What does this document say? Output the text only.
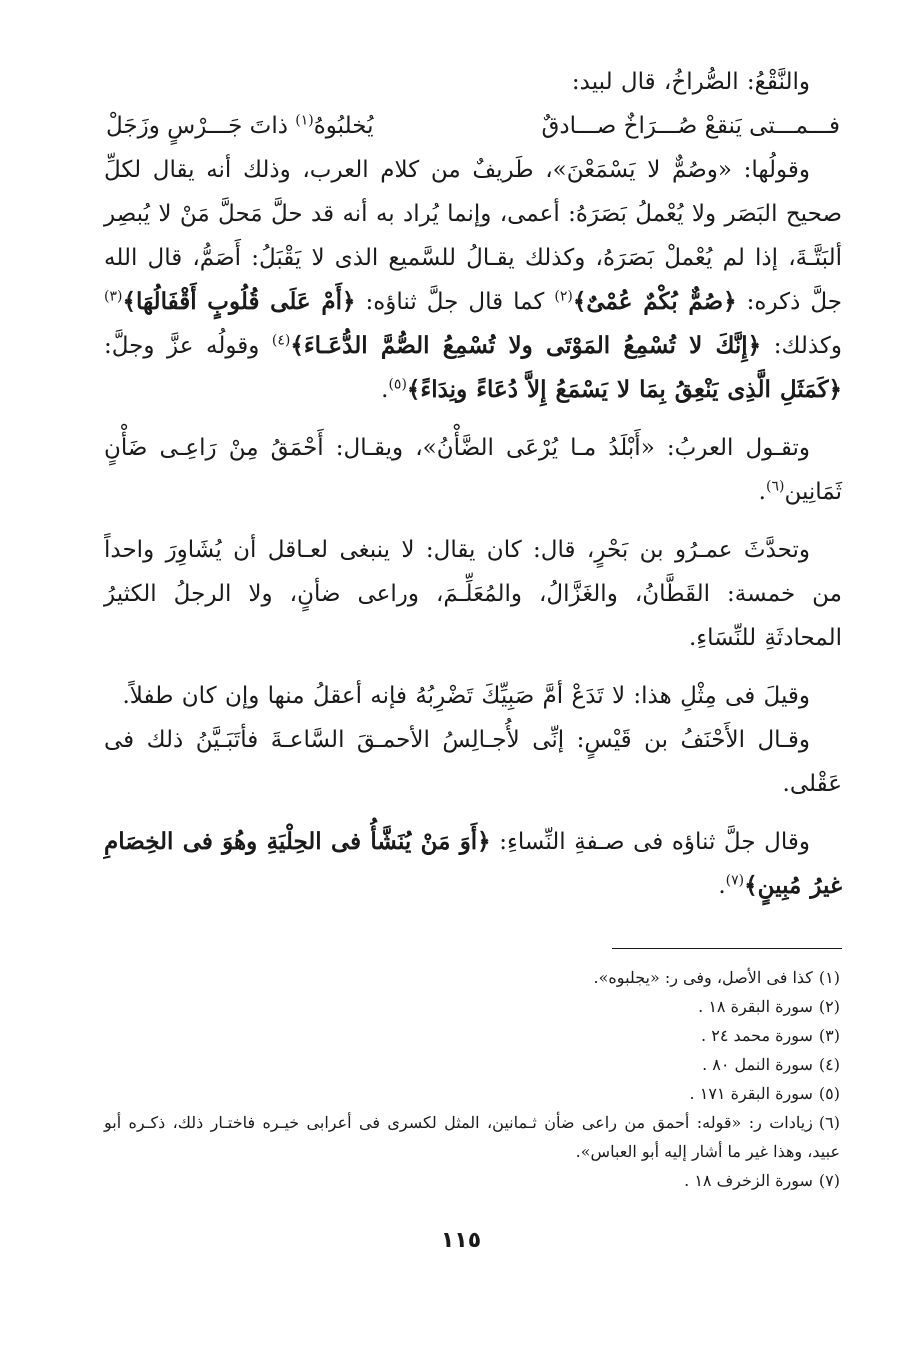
والنَّقْعُ: الصُّراخُ، قال لبيد:

فـــمـــتى يَنقعْ صُـــرَاخٌ صـــادقٌ
يُخلبُوهُ$^{(١)}$ ذاتَ جَـــرْسٍ وزَجَلْ

وقولُها: «وصُمٌّ لا يَسْمَعْنَ»، طَريفٌ من كلام العرب، وذلك أنه يقال لكلِّ صحيح البَصَر ولا يُعْملُ بَصَرَهُ: أعمى، وإنما يُراد به أنه قد حلَّ مَحلَّ مَنْ لا يُبصِر ألبَتَّـةَ، إذا لم يُعْملْ بَصَرَهُ، وكذلك يقـالُ للسَّميع الذى لا يَقْبَلُ: أَصَمُّ، قال الله جلَّ ذكره: ﴿صُمٌّ بُكْمٌ عُمْىٌ﴾$^{(٢)}$ كما قال جلَّ ثناؤه: ﴿أَمْ عَلَى قُلُوبٍ أَقْفَالُهَا﴾$^{(٣)}$ وكذلك: ﴿إِنَّكَ لا تُسْمِعُ المَوْتَى ولا تُسْمِعُ الصُّمَّ الدُّعَـاءَ﴾$^{(٤)}$ وقولُه عزَّ وجلَّ: ﴿كَمَثَلِ الَّذِى يَنْعِقُ بِمَا لا يَسْمَعُ إِلاَّ دُعَاءً ونِدَاءً﴾$^{(٥)}$.

وتقـول العربُ: «أَبْلَدُ مـا يُرْعَى الضَّأْنُ»، ويقـال: أَحْمَقُ مِنْ رَاعِـى ضَأْنٍ ثَمَانِين$^{(٦)}$.

وتحدَّثَ عمـرُو بن بَحْرٍ، قال: كان يقال: لا ينبغى لعـاقل أن يُشَاوِرَ واحداً من خمسة: القَطَّانُ، والغَزَّالُ، والمُعَلِّـمَ، وراعى ضأنٍ، ولا الرجلُ الكثيرُ المحادثَةِ للنِّسَاءِ.

وقيلَ فى مِثْلِ هذا: لا تَدَعْ أمَّ صَبِيِّكَ تَضْرِبُهُ فإنه أعقلُ منها وإن كان طفلاً.

وقـال الأَحْنَفُ بن قَيْسٍ: إنِّى لأُجـالِسُ الأحمـقَ السَّاعـةَ فأتَبَـيَّنُ ذلك فى عَقْلى.

وقال جلَّ ثناؤه فى صـفةِ النِّساءِ: ﴿أَوَ مَنْ يُنَشَّأُ فى الحِلْيَةِ وهُوَ فى الخِصَامِ غيرُ مُبِينٍ﴾$^{(٧)}$.

(١)كذا فى الأصل، وفى ر: «يجلبوه».
(٢)سورة البقرة ١٨ .
(٣)سورة محمد ٢٤ .
(٤)سورة النمل ٨٠ .
(٥)سورة البقرة ١٧١ .
(٦)زيادات ر: «قوله: أحمق من راعى ضأن ثـمانين، المثل لكسرى فى أعرابى خيـره فاختـار ذلك، ذكـره أبو عبيد، وهذا غير ما أشار إليه أبو العباس».
(٧)سورة الزخرف ١٨ .
١١٥
